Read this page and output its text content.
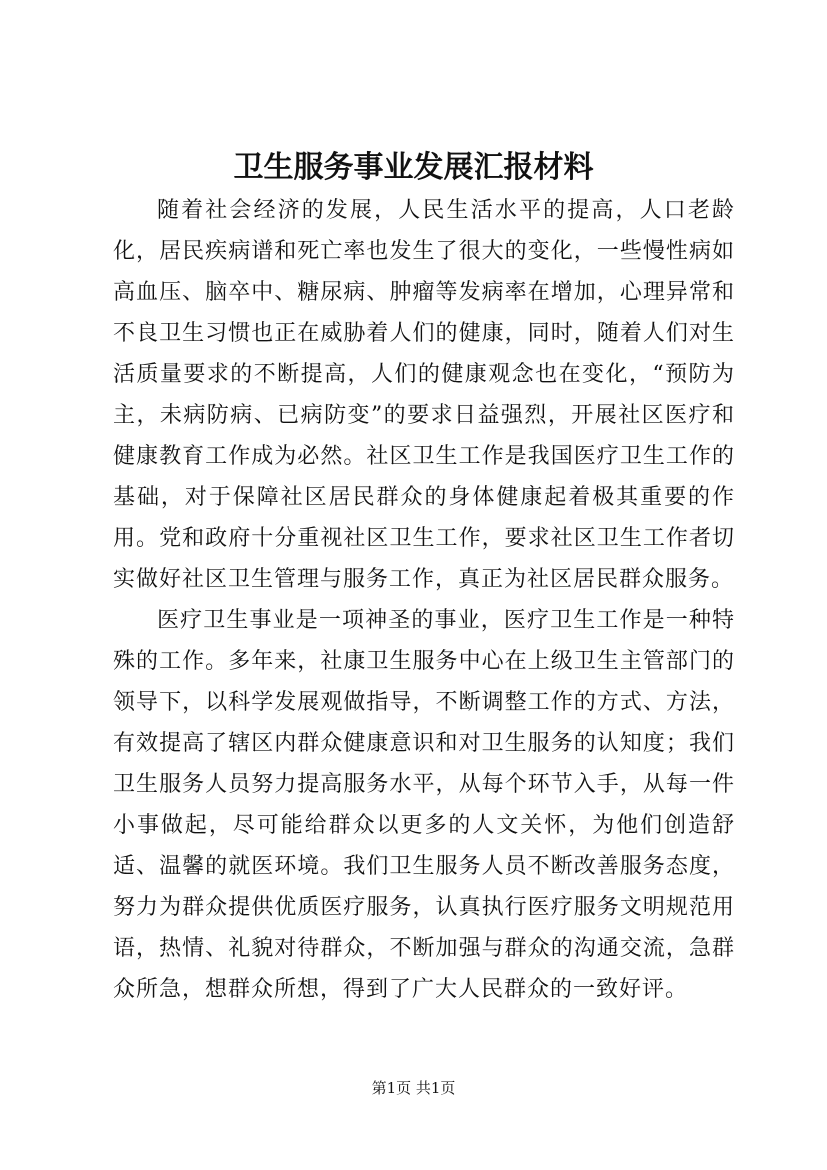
卫生服务事业发展汇报材料

随着社会经济的发展，人民生活水平的提高，人口老龄化，居民疾病谱和死亡率也发生了很大的变化，一些慢性病如高血压、脑卒中、糖尿病、肿瘤等发病率在增加，心理异常和不良卫生习惯也正在威胁着人们的健康，同时，随着人们对生活质量要求的不断提高，人们的健康观念也在变化，“预防为主，未病防病、已病防变”的要求日益强烈，开展社区医疗和健康教育工作成为必然。社区卫生工作是我国医疗卫生工作的基础，对于保障社区居民群众的身体健康起着极其重要的作用。党和政府十分重视社区卫生工作，要求社区卫生工作者切实做好社区卫生管理与服务工作，真正为社区居民群众服务。

医疗卫生事业是一项神圣的事业，医疗卫生工作是一种特殊的工作。多年来，社康卫生服务中心在上级卫生主管部门的领导下，以科学发展观做指导，不断调整工作的方式、方法，有效提高了辖区内群众健康意识和对卫生服务的认知度；我们卫生服务人员努力提高服务水平，从每个环节入手，从每一件小事做起，尽可能给群众以更多的人文关怀，为他们创造舒适、温馨的就医环境。我们卫生服务人员不断改善服务态度，努力为群众提供优质医疗服务，认真执行医疗服务文明规范用语，热情、礼貌对待群众，不断加强与群众的沟通交流，急群众所急，想群众所想，得到了广大人民群众的一致好评。

第1页 共1页
